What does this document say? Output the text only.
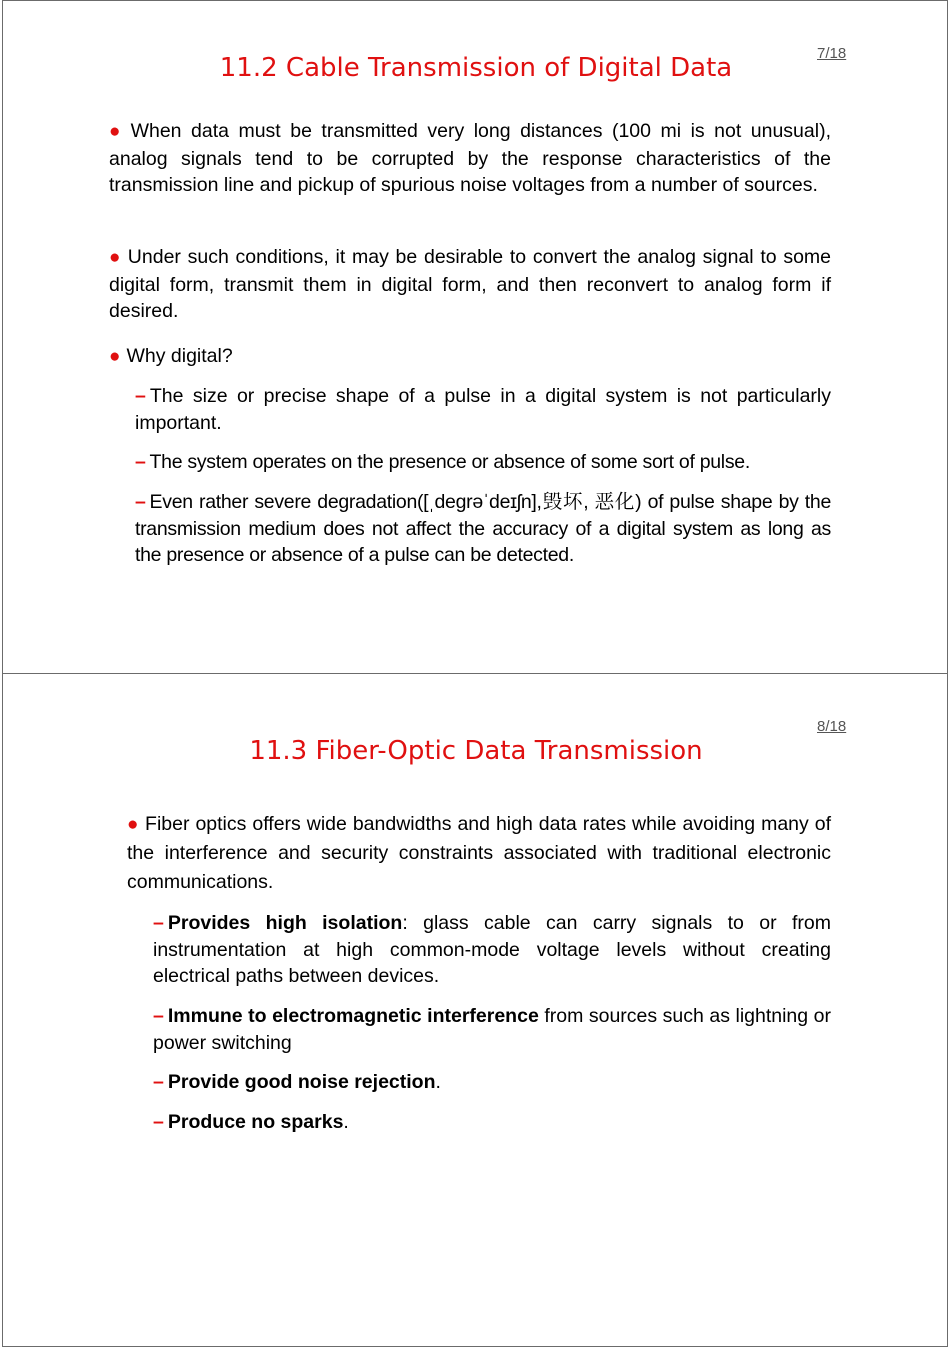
7/18
11.2 Cable Transmission of Digital Data
● When data must be transmitted very long distances (100 mi is not unusual), analog signals tend to be corrupted by the response characteristics of the transmission line and pickup of spurious noise voltages from a number of sources.
● Under such conditions, it may be desirable to convert the analog signal to some digital form, transmit them in digital form, and then reconvert to analog form if desired.
● Why digital?
– The size or precise shape of a pulse in a digital system is not particularly important.
– The system operates on the presence or absence of some sort of pulse.
– Even rather severe degradation([ˌdegrəˈdeɪʃn],毁坏, 恶化) of pulse shape by the transmission medium does not affect the accuracy of a digital system as long as the presence or absence of a pulse can be detected.
8/18
11.3 Fiber-Optic Data Transmission
● Fiber optics offers wide bandwidths and high data rates while avoiding many of the interference and security constraints associated with traditional electronic communications.
– Provides high isolation: glass cable can carry signals to or from instrumentation at high common-mode voltage levels without creating electrical paths between devices.
– Immune to electromagnetic interference from sources such as lightning or power switching
– Provide good noise rejection.
– Produce no sparks.
